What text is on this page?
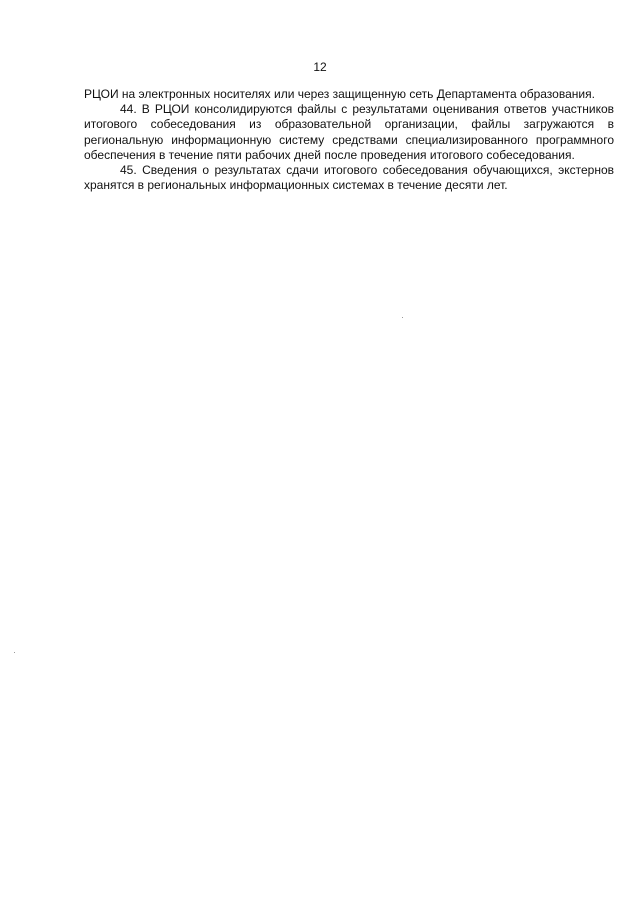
12

РЦОИ на электронных носителях или через защищенную сеть Департамента образования.

44. В РЦОИ консолидируются файлы с результатами оценивания ответов участников итогового собеседования из образовательной организации, файлы загружаются в региональную информационную систему средствами специализированного программного обеспечения в течение пяти рабочих дней после проведения итогового собеседования.

45. Сведения о результатах сдачи итогового собеседования обучающихся, экстернов хранятся в региональных информационных системах в течение десяти лет.
